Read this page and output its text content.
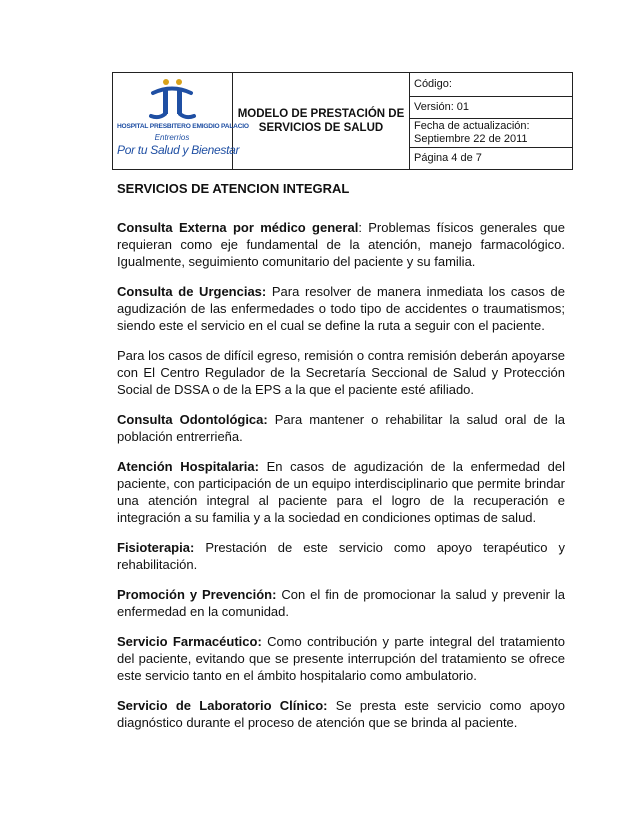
HOSPITAL PRESBITERO EMIGDIO PALACIO
Entrerrios
Por tu Salud y Bienestar
	MODELO DE PRESTACIÓN DE SERVICIOS DE SALUD	Código:
Versión: 01

Fecha de actualización:
Septiembre 22 de 2011

Página 4 de 7
SERVICIOS DE ATENCION INTEGRAL

Consulta Externa por médico general: Problemas físicos generales que requieran como eje fundamental de la atención, manejo farmacológico. Igualmente, seguimiento comunitario del paciente y su familia.

Consulta de Urgencias: Para resolver de manera inmediata los casos de agudización de las enfermedades o todo tipo de accidentes o traumatismos; siendo este el servicio en el cual se define la ruta a seguir con el paciente.

Para los casos de difícil egreso, remisión o contra remisión deberán apoyarse con El Centro Regulador de la Secretaría Seccional de Salud y Protección Social de DSSA o de la EPS a la que el paciente esté afiliado.

Consulta Odontológica: Para mantener o rehabilitar la salud oral de la población entrerrieña.

Atención Hospitalaria: En casos de agudización de la enfermedad del paciente, con participación de un equipo interdisciplinario que permite brindar una atención integral al paciente para el logro de la recuperación e integración a su familia y a la sociedad en condiciones optimas de salud.

Fisioterapia: Prestación de este servicio como apoyo terapéutico y rehabilitación.

Promoción y Prevención: Con el fin de promocionar la salud y prevenir la enfermedad en la comunidad.

Servicio Farmacéutico: Como contribución y parte integral del tratamiento del paciente, evitando que se presente interrupción del tratamiento se ofrece este servicio tanto en el ámbito hospitalario como ambulatorio.

Servicio de Laboratorio Clínico: Se presta este servicio como apoyo diagnóstico durante el proceso de atención que se brinda al paciente.
